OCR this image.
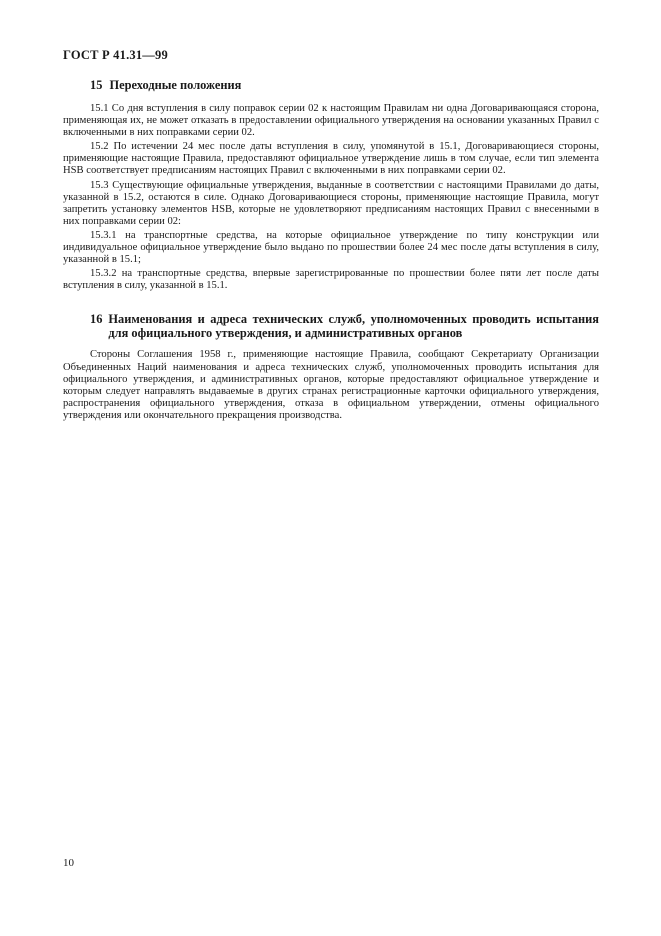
ГОСТ Р 41.31—99
15 Переходные положения

15.1 Со дня вступления в силу поправок серии 02 к настоящим Правилам ни одна Договаривающаяся сторона, применяющая их, не может отказать в предоставлении официального утверждения на основании указанных Правил с включенными в них поправками серии 02.

15.2 По истечении 24 мес после даты вступления в силу, упомянутой в 15.1, Договаривающиеся стороны, применяющие настоящие Правила, предоставляют официальное утверждение лишь в том случае, если тип элемента HSB соответствует предписаниям настоящих Правил с включенными в них поправками серии 02.

15.3 Существующие официальные утверждения, выданные в соответствии с настоящими Правилами до даты, указанной в 15.2, остаются в силе. Однако Договаривающиеся стороны, применяющие настоящие Правила, могут запретить установку элементов HSB, которые не удовлетворяют предписаниям настоящих Правил с внесенными в них поправками серии 02:

15.3.1 на транспортные средства, на которые официальное утверждение по типу конструкции или индивидуальное официальное утверждение было выдано по прошествии более 24 мес после даты вступления в силу, указанной в 15.1;

15.3.2 на транспортные средства, впервые зарегистрированные по прошествии более пяти лет после даты вступления в силу, указанной в 15.1.

16 Наименования и адреса технических служб, уполномоченных проводить испытания для официального утверждения, и административных органов

Стороны Соглашения 1958 г., применяющие настоящие Правила, сообщают Секретариату Организации Объединенных Наций наименования и адреса технических служб, уполномоченных проводить испытания для официального утверждения, и административных органов, которые предоставляют официальное утверждение и которым следует направлять выдаваемые в других странах регистрационные карточки официального утверждения, распространения официального утверждения, отказа в официальном утверждении, отмены официального утверждения или окончательного прекращения производства.

10
